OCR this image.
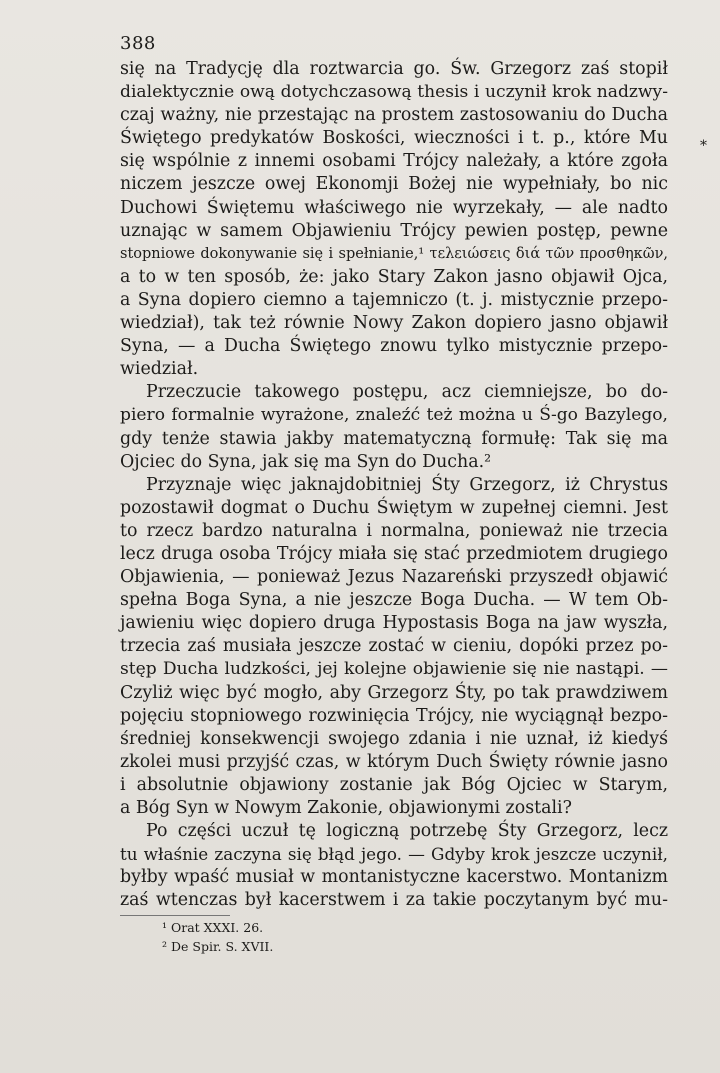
388
*
się na Tradycję dla roztwarcia go. Św. Grzegorz zaś stopił
dialektycznie ową dotychczasową thesis i uczynił krok nadzwy-
czaj ważny, nie przestając na prostem zastosowaniu do Ducha
Świętego predykatów Boskości, wieczności i t. p., które Mu
się wspólnie z innemi osobami Trójcy należały, a które zgoła
niczem jeszcze owej Ekonomji Bożej nie wypełniały, bo nic
Duchowi Świętemu właściwego nie wyrzekały, — ale nadto
uznając w samem Objawieniu Trójcy pewien postęp, pewne
stopniowe dokonywanie się i spełnianie,¹ τελειώσεις διά τῶν προσθηκῶν,
a to w ten sposób, że: jako Stary Zakon jasno objawił Ojca,
a Syna dopiero ciemno a tajemniczo (t. j. mistycznie przepo-
wiedział), tak też równie Nowy Zakon dopiero jasno objawił
Syna, — a Ducha Świętego znowu tylko mistycznie przepo-
wiedział.
Przeczucie takowego postępu, acz ciemniejsze, bo do-
piero formalnie wyrażone, znaleźć też można u Ś-go Bazylego,
gdy tenże stawia jakby matematyczną formułę: Tak się ma
Ojciec do Syna, jak się ma Syn do Ducha.²
Przyznaje więc jaknajdobitniej Śty Grzegorz, iż Chrystus
pozostawił dogmat o Duchu Świętym w zupełnej ciemni. Jest
to rzecz bardzo naturalna i normalna, ponieważ nie trzecia
lecz druga osoba Trójcy miała się stać przedmiotem drugiego
Objawienia, — ponieważ Jezus Nazareński przyszedł objawić
spełna Boga Syna, a nie jeszcze Boga Ducha. — W tem Ob-
jawieniu więc dopiero druga Hypostasis Boga na jaw wyszła,
trzecia zaś musiała jeszcze zostać w cieniu, dopóki przez po-
stęp Ducha ludzkości, jej kolejne objawienie się nie nastąpi. —
Czyliż więc być mogło, aby Grzegorz Śty, po tak prawdziwem
pojęciu stopniowego rozwinięcia Trójcy, nie wyciągnął bezpo-
średniej konsekwencji swojego zdania i nie uznał, iż kiedyś
zkolei musi przyjść czas, w którym Duch Święty równie jasno
i absolutnie objawiony zostanie jak Bóg Ojciec w Starym,
a Bóg Syn w Nowym Zakonie, objawionymi zostali?
Po części uczuł tę logiczną potrzebę Śty Grzegorz, lecz
tu właśnie zaczyna się błąd jego. — Gdyby krok jeszcze uczynił,
byłby wpaść musiał w montanistyczne kacerstwo. Montanizm
zaś wtenczas był kacerstwem i za takie poczytanym być mu-
¹ Orat XXXI. 26.
² De Spir. S. XVII.
